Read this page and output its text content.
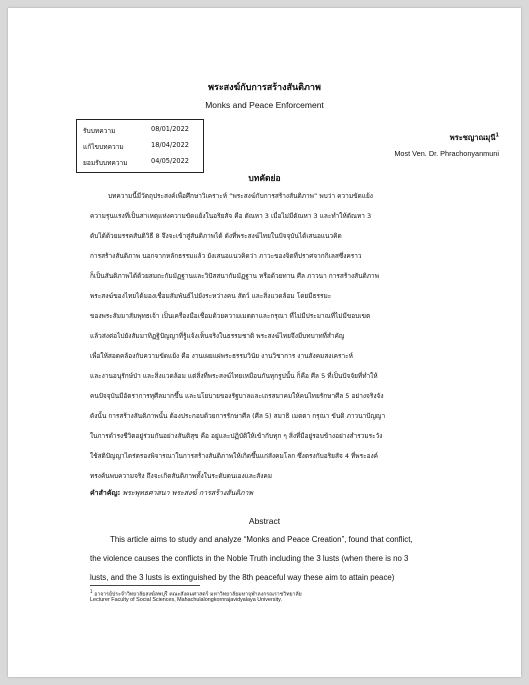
พระสงฆ์กับการสร้างสันติภาพ
Monks and Peace Enforcement
รับบทความ	08/01/2022
แก้ไขบทความ	18/04/2022
ยอมรับบทความ	04/05/2022
พระชญาณมุนี$^1$
Most Ven. Dr. Phrachonyanmuni
บทคัดย่อ
บทความนี้มีวัตถุประสงค์เพื่อศึกษาวิเคราะห์ “พระสงฆ์กับการสร้างสันติภาพ” พบว่า ความขัดแย้ง
ความรุนแรงที่เป็นสาเหตุแห่งความขัดแย้งในอริยสัจ คือ ตัณหา 3 เมื่อไม่มีตัณหา 3 และทำให้ตัณหา 3
ดับได้ด้วยมรรคสันติวิธี 8 จึงจะเข้าสู่สันติภาพได้ ดังที่พระสงฆ์ไทยในปัจจุบันได้เสนอแนวคิด
การสร้างสันติภาพ นอกจากหลักธรรมแล้ว ยังเสนอแนวคิดว่า ภาวะของจิตที่ปราศจากกิเลสซึ่งคราว
ก็เป็นสันติภาพได้ด้วยสมถะกัมมัฏฐานและวิปัสสนากัมมัฏฐาน หรือด้วยทาน ศีล ภาวนา การสร้างสันติภาพ
พระสงฆ์ของไทยได้มองเชื่อมสัมพันธ์ไปยังระหว่างคน สัตว์ และสิ่งแวดล้อม โดยมีธรรมะ
ของพระสัมมาสัมพุทธเจ้า เป็นเครื่องมือเชื่อมด้วยความเมตตาและกรุณา ที่ไม่มีประมาณที่ไม่มีขอบเขต
แล้วส่งต่อไปยังสัมมาทิฏฐิปัญญาที่รู้แจ้งเห็นจริงในธรรมชาติ พระสงฆ์ไทยจึงมีบทบาทที่สำคัญ
เพื่อให้สอดคล้องกับความขัดแย้ง คือ งานเผยแผ่พระธรรมวินัย งานวิชาการ งานสังคมสงเคราะห์
และงานอนุรักษ์ป่า และสิ่งแวดล้อม แต่สิ่งที่พระสงฆ์ไทยเหมือนกันทุกรูปนั้น ก็คือ ศีล 5 ที่เป็นปัจจัยที่ทำให้
คนปัจจุบันมีอัตราการทุศีลมากขึ้น และนโยบายของรัฐบาลและเถรสมาคมให้คนไทยรักษาศีล 5 อย่างจริงจัง
ดังนั้น การสร้างสันติภาพนั้น ต้องประกอบด้วยการรักษาศีล (ศีล 5) สมาธิ เมตตา กรุณา ขันติ ภาวนาปัญญา
ในการดำรงชีวิตอยู่ร่วมกันอย่างสันติสุข คือ อยู่และปฏิบัติให้เข้ากับทุก ๆ สิ่งที่มีอยู่รอบข้างอย่างสำรวมระวัง
ใช้สติปัญญาไตร่ตรองพิจารณาในการสร้างสันติภาพให้เกิดขึ้นแก่สังคมโลก ซึ่งตรงกับอริยสัจ 4 ที่พระองค์
ทรงค้นพบความจริง ถึงจะเกิดสันติภาพทั้งในระดับตนเองและสังคม
คำสำคัญ: พระพุทธศาสนา พระสงฆ์ การสร้างสันติภาพ
Abstract
This article aims to study and analyze “Monks and Peace Creation”, found that conflict,
the violence causes the conflicts in the Noble Truth including the 3 lusts (when there is no 3
lusts, and the 3 lusts is extinguished by the 8th peaceful way these aim to attain peace)
$^1$ อาจารย์ประจำวิทยาลัยสงฆ์ลพบุรี คณะสังคมศาสตร์ มหาวิทยาลัยมหาจุฬาลงกรณราชวิทยาลัย
Lecturer Faculty of Social Sciences, Mahachulalongkornrajavidyalaya University.
